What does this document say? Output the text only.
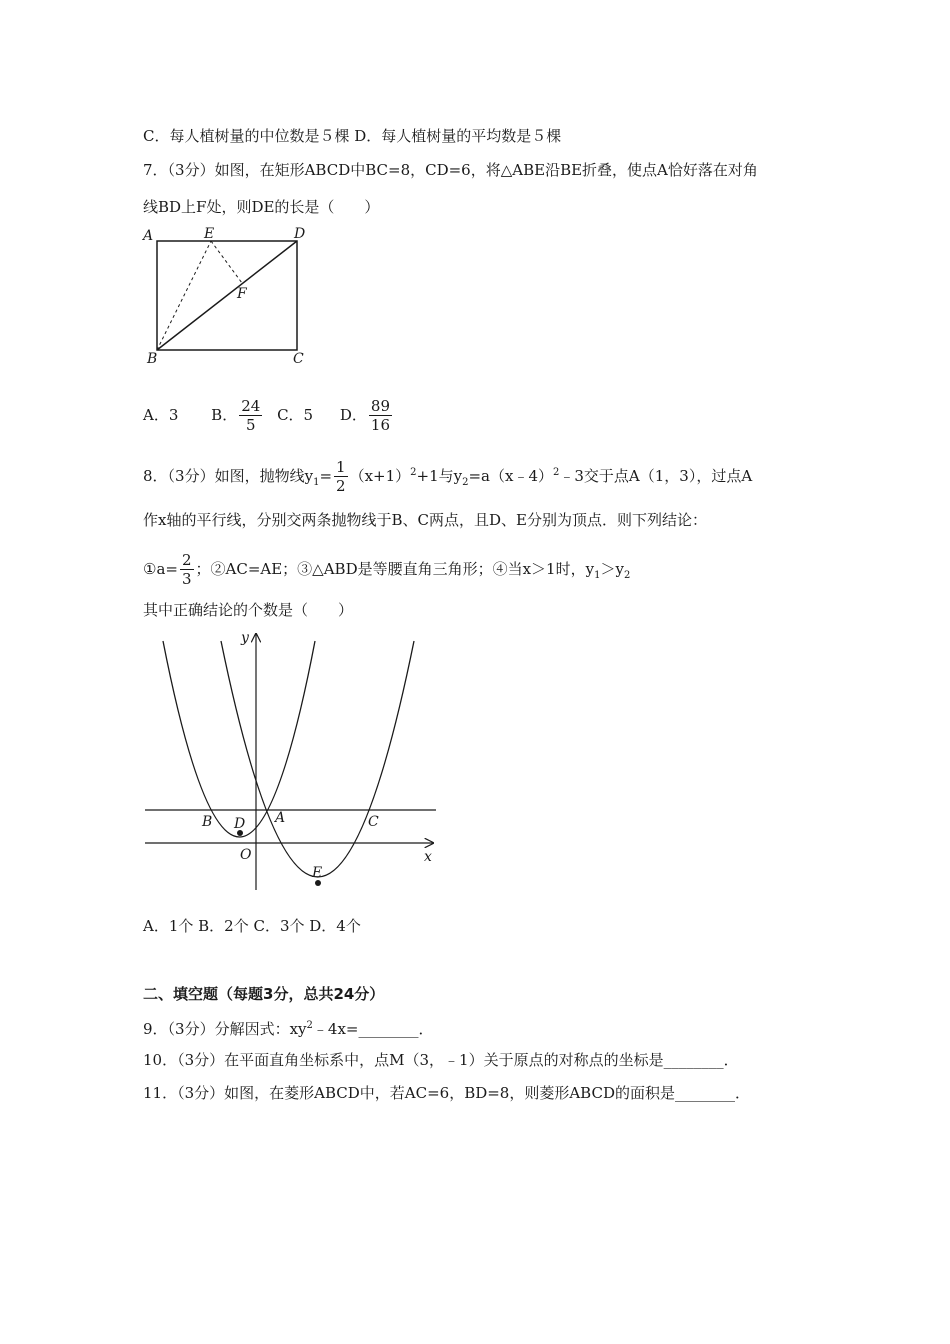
C．每人植树量的中位数是５棵 D．每人植树量的平均数是５棵
7．（3分）如图，在矩形ABCD中BC=8，CD=6，将△ABE沿BE折叠，使点A恰好落在对角
线BD上F处，则DE的长是（　　）
A	E	D
F
B	C
A．3 B． $\frac{24}{5}$ C．5 D． $\frac{89}{16}$
8．（3分）如图，抛物线$y_1= \frac{1}{2} (x+1)^2+1$与$y_2=a(x﹣4)^2﹣3$交于点A（1，3），过点A
作x轴的平行线，分别交两条抛物线于B、C两点，且D、E分别为顶点．则下列结论：
①a= $\frac{2}{3}$ ；②AC=AE；③△ABD是等腰直角三角形；④当x＞1时，$y_1>y_2$
其中正确结论的个数是（　　）
y
x
O
A
B	C
D
E
A．1个 B．2个 C．3个 D．4个
二、填空题（每题3分，总共24分）
9．（3分）分解因式：$xy^2﹣4x=\_\_\_\_\_\_\_\_$．
10．（3分）在平面直角坐标系中，点M（3，﹣1）关于原点的对称点的坐标是________．
11．（3分）如图，在菱形ABCD中，若AC=6，BD=8，则菱形ABCD的面积是________．
